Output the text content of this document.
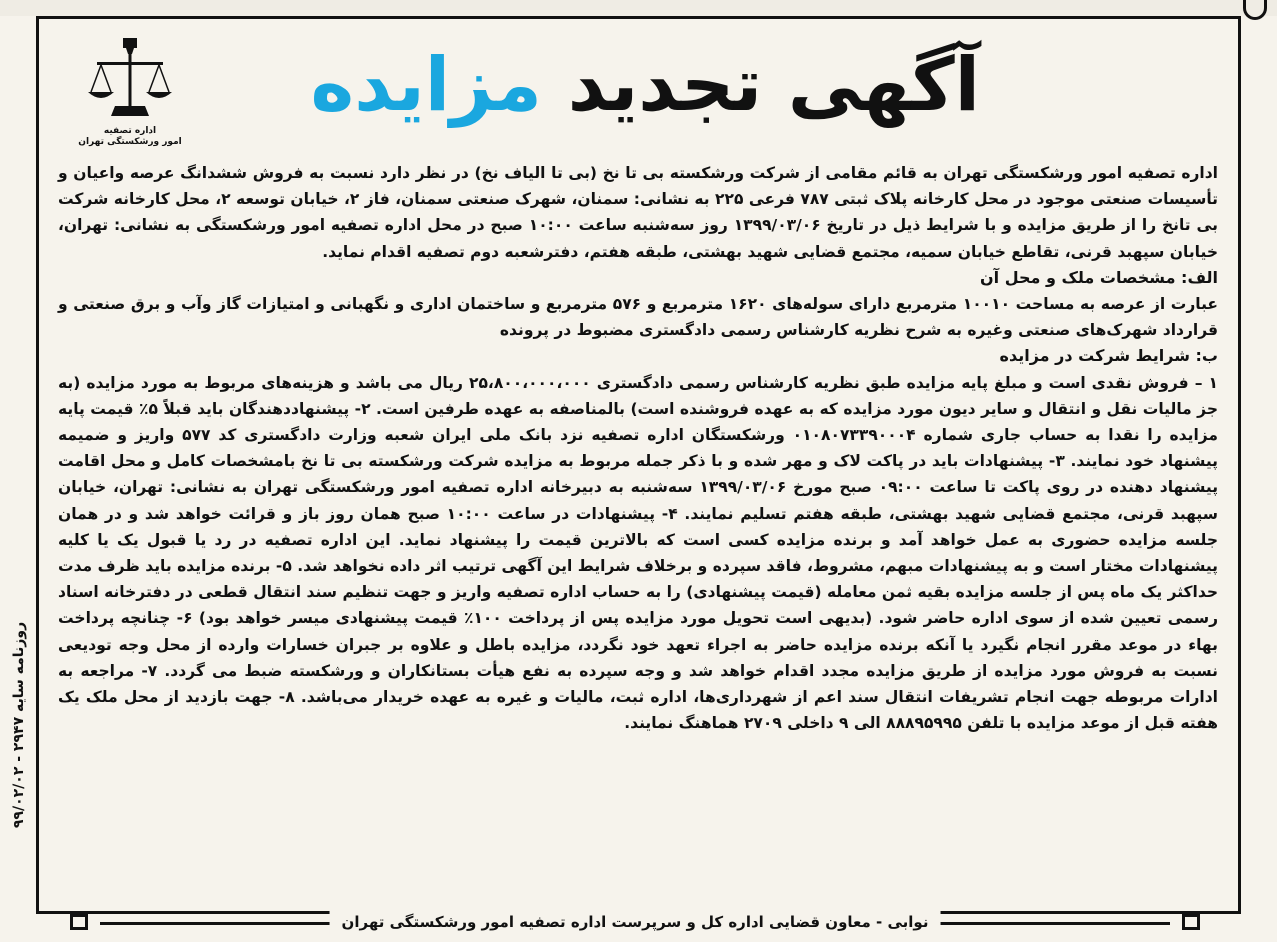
اداره تصفیه
امور ورشکستگی تهران
آگهی تجدید مزایده

اداره تصفیه امور ورشکستگی تهران به قائم مقامی از شرکت ورشکسته بی تا نخ (بی تا الیاف نخ) در نظر دارد نسبت به فروش ششدانگ عرصه واعیان و تأسیسات صنعتی موجود در محل کارخانه پلاک ثبتی ۷۸۷ فرعی ۲۲۵ به نشانی: سمنان، شهرک صنعتی سمنان، فاز ۲، خیابان توسعه ۲، محل کارخانه شرکت بی تانخ را از طریق مزایده و با شرایط ذیل در تاریخ ۱۳۹۹/۰۳/۰۶ روز سه‌شنبه ساعت ۱۰:۰۰ صبح در محل اداره تصفیه امور ورشکستگی به نشانی: تهران، خیابان سپهبد قرنی، تقاطع خیابان سمیه، مجتمع قضایی شهید بهشتی، طبقه هفتم، دفترشعبه دوم تصفیه اقدام نماید.

الف: مشخصات ملک و محل آن

عبارت از عرصه به مساحت ۱۰۰۱۰ مترمربع دارای سوله‌های ۱۶۲۰ مترمربع و ۵۷۶ مترمربع و ساختمان اداری و نگهبانی و امتیازات گاز وآب و برق صنعتی و قرارداد شهرک‌های صنعتی وغیره به شرح نظریه کارشناس رسمی دادگستری مضبوط در پرونده

ب: شرایط شرکت در مزایده

۱ – فروش نقدی است و مبلغ پایه مزایده طبق نظریه کارشناس رسمی دادگستری ۲۵،۸۰۰،۰۰۰،۰۰۰ ریال می باشد و هزینه‌های مربوط به مورد مزایده (به جز مالیات نقل و انتقال و سایر دیون مورد مزایده که به عهده فروشنده است) بالمناصفه به عهده طرفین است. ۲- پیشنهاددهندگان باید قبلاً ۵٪ قیمت پایه مزایده را نقدا به حساب جاری شماره ۰۱۰۸۰۷۳۳۹۰۰۰۴ ورشکستگان اداره تصفیه نزد بانک ملی ایران شعبه وزارت دادگستری کد ۵۷۷ واریز و ضمیمه پیشنهاد خود نمایند. ۳- پیشنهادات باید در پاکت لاک و مهر شده و با ذکر جمله مربوط به مزایده شرکت ورشکسته بی تا نخ بامشخصات کامل و محل اقامت پیشنهاد دهنده در روی پاکت تا ساعت ۰۹:۰۰ صبح مورخ ۱۳۹۹/۰۳/۰۶ سه‌شنبه به دبیرخانه اداره تصفیه امور ورشکستگی تهران به نشانی: تهران، خیابان سپهبد قرنی، مجتمع قضایی شهید بهشتی، طبقه هفتم تسلیم نمایند. ۴- پیشنهادات در ساعت ۱۰:۰۰ صبح همان روز باز و قرائت خواهد شد و در همان جلسه مزایده حضوری به عمل خواهد آمد و برنده مزایده کسی است که بالاترین قیمت را پیشنهاد نماید. این اداره تصفیه در رد یا قبول یک یا کلیه پیشنهادات مختار است و به پیشنهادات مبهم، مشروط، فاقد سپرده و برخلاف شرایط این آگهی ترتیب اثر داده نخواهد شد. ۵- برنده مزایده باید ظرف مدت حداکثر یک ماه پس از جلسه مزایده بقیه ثمن معامله (قیمت پیشنهادی) را به حساب اداره تصفیه واریز و جهت تنظیم سند انتقال قطعی در دفترخانه اسناد رسمی تعیین شده از سوی اداره حاضر شود. (بدیهی است تحویل مورد مزایده پس از پرداخت ۱۰۰٪ قیمت پیشنهادی میسر خواهد بود) ۶- چنانچه پرداخت بهاء در موعد مقرر انجام نگیرد یا آنکه برنده مزایده حاضر به اجراء تعهد خود نگردد، مزایده باطل و علاوه بر جبران خسارات وارده از محل وجه تودیعی نسبت به فروش مورد مزایده از طریق مزایده مجدد اقدام خواهد شد و وجه سپرده به نفع هیأت بستانکاران و ورشکسته ضبط می گردد. ۷- مراجعه به ادارات مربوطه جهت انجام تشریفات انتقال سند اعم از شهرداری‌ها، اداره ثبت، مالیات و غیره به عهده خریدار می‌باشد. ۸- جهت بازدید از محل ملک یک هفته قبل از موعد مزایده با تلفن ۸۸۸۹۵۹۹۵ الی ۹ داخلی ۲۷۰۹ هماهنگ نمایند.

روزنامه سایه ۲۹۴۷ - ۹۹/۰۲/۰۲
نوابی - معاون قضایی اداره کل و سرپرست اداره تصفیه امور ورشکستگی تهران
